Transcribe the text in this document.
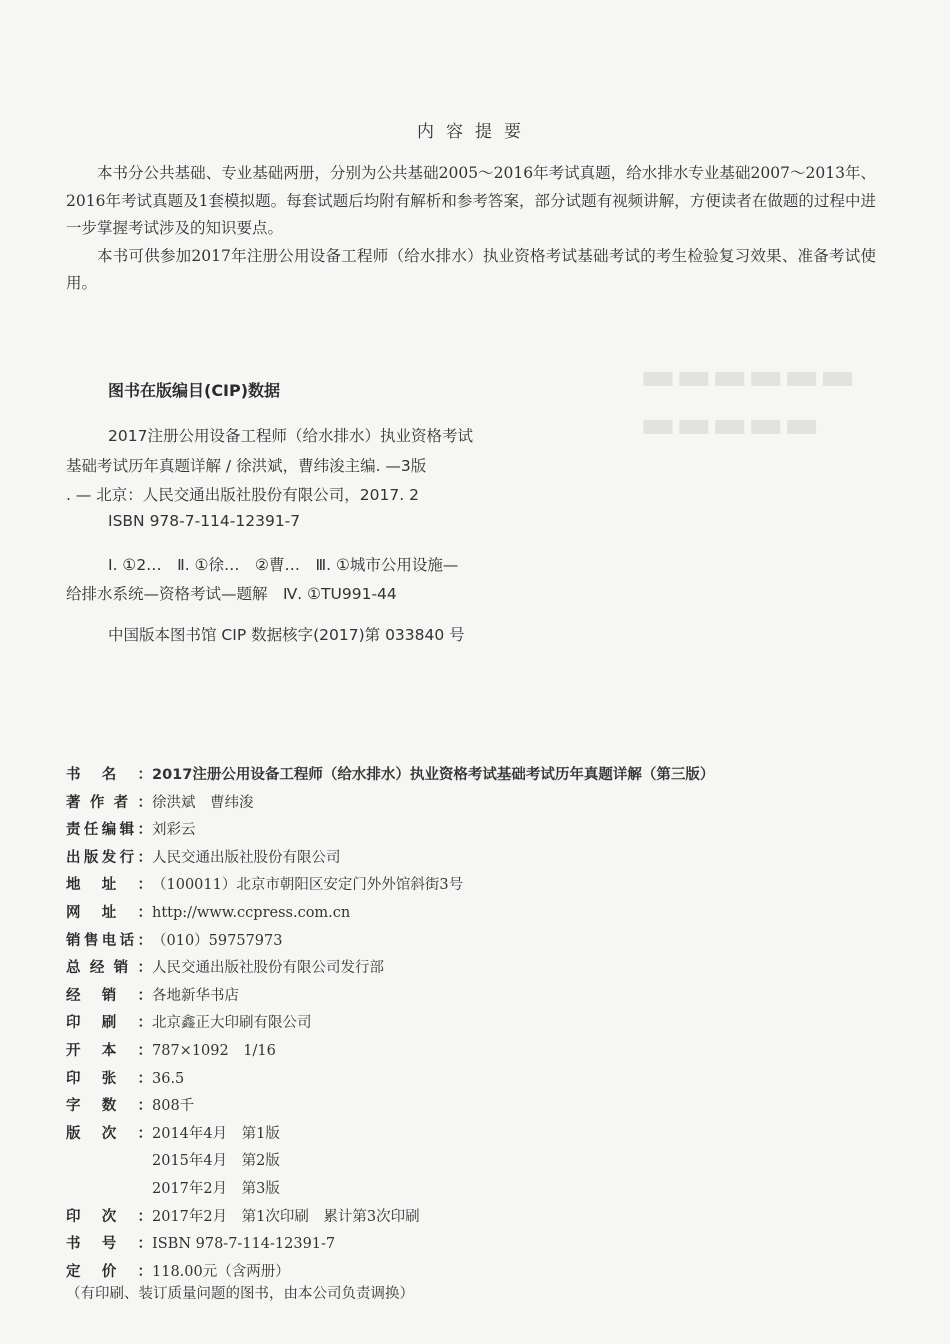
▬▬▬▬▬▬
▬▬▬▬▬
内容提要

本书分公共基础、专业基础两册，分别为公共基础2005～2016年考试真题，给水排水专业基础2007～2013年、2016年考试真题及1套模拟题。每套试题后均附有解析和参考答案，部分试题有视频讲解，方便读者在做题的过程中进一步掌握考试涉及的知识要点。

本书可供参加2017年注册公用设备工程师（给水排水）执业资格考试基础考试的考生检验复习效果、准备考试使用。

图书在版编目(CIP)数据
2017注册公用设备工程师（给水排水）执业资格考试
基础考试历年真题详解 / 徐洪斌，曹纬浚主编. —3版
. — 北京：人民交通出版社股份有限公司，2017. 2
ISBN 978-7-114-12391-7
Ⅰ. ①2…　Ⅱ. ①徐…　②曹…　Ⅲ. ①城市公用设施—
给排水系统—资格考试—题解　Ⅳ. ①TU991-44
中国版本图书馆 CIP 数据核字(2017)第 033840 号
书 名 ： 2017注册公用设备工程师（给水排水）执业资格考试基础考试历年真题详解（第三版）
著 作 者 ： 徐洪斌　曹纬浚
责 任 编 辑 ： 刘彩云
出 版 发 行 ： 人民交通出版社股份有限公司
地 址 ： （100011）北京市朝阳区安定门外外馆斜街3号
网 址 ： http://www.ccpress.com.cn
销 售 电 话 ： （010）59757973
总 经 销 ： 人民交通出版社股份有限公司发行部
经 销 ： 各地新华书店
印 刷 ： 北京鑫正大印刷有限公司
开 本 ： 787×1092　1/16
印 张 ： 36.5
字 数 ： 808千
版 次 ： 2014年4月　第1版
2015年4月　第2版
2017年2月　第3版
印 次 ： 2017年2月　第1次印刷　累计第3次印刷
书 号 ： ISBN 978-7-114-12391-7
定 价 ： 118.00元（含两册）
（有印刷、装订质量问题的图书，由本公司负责调换）
